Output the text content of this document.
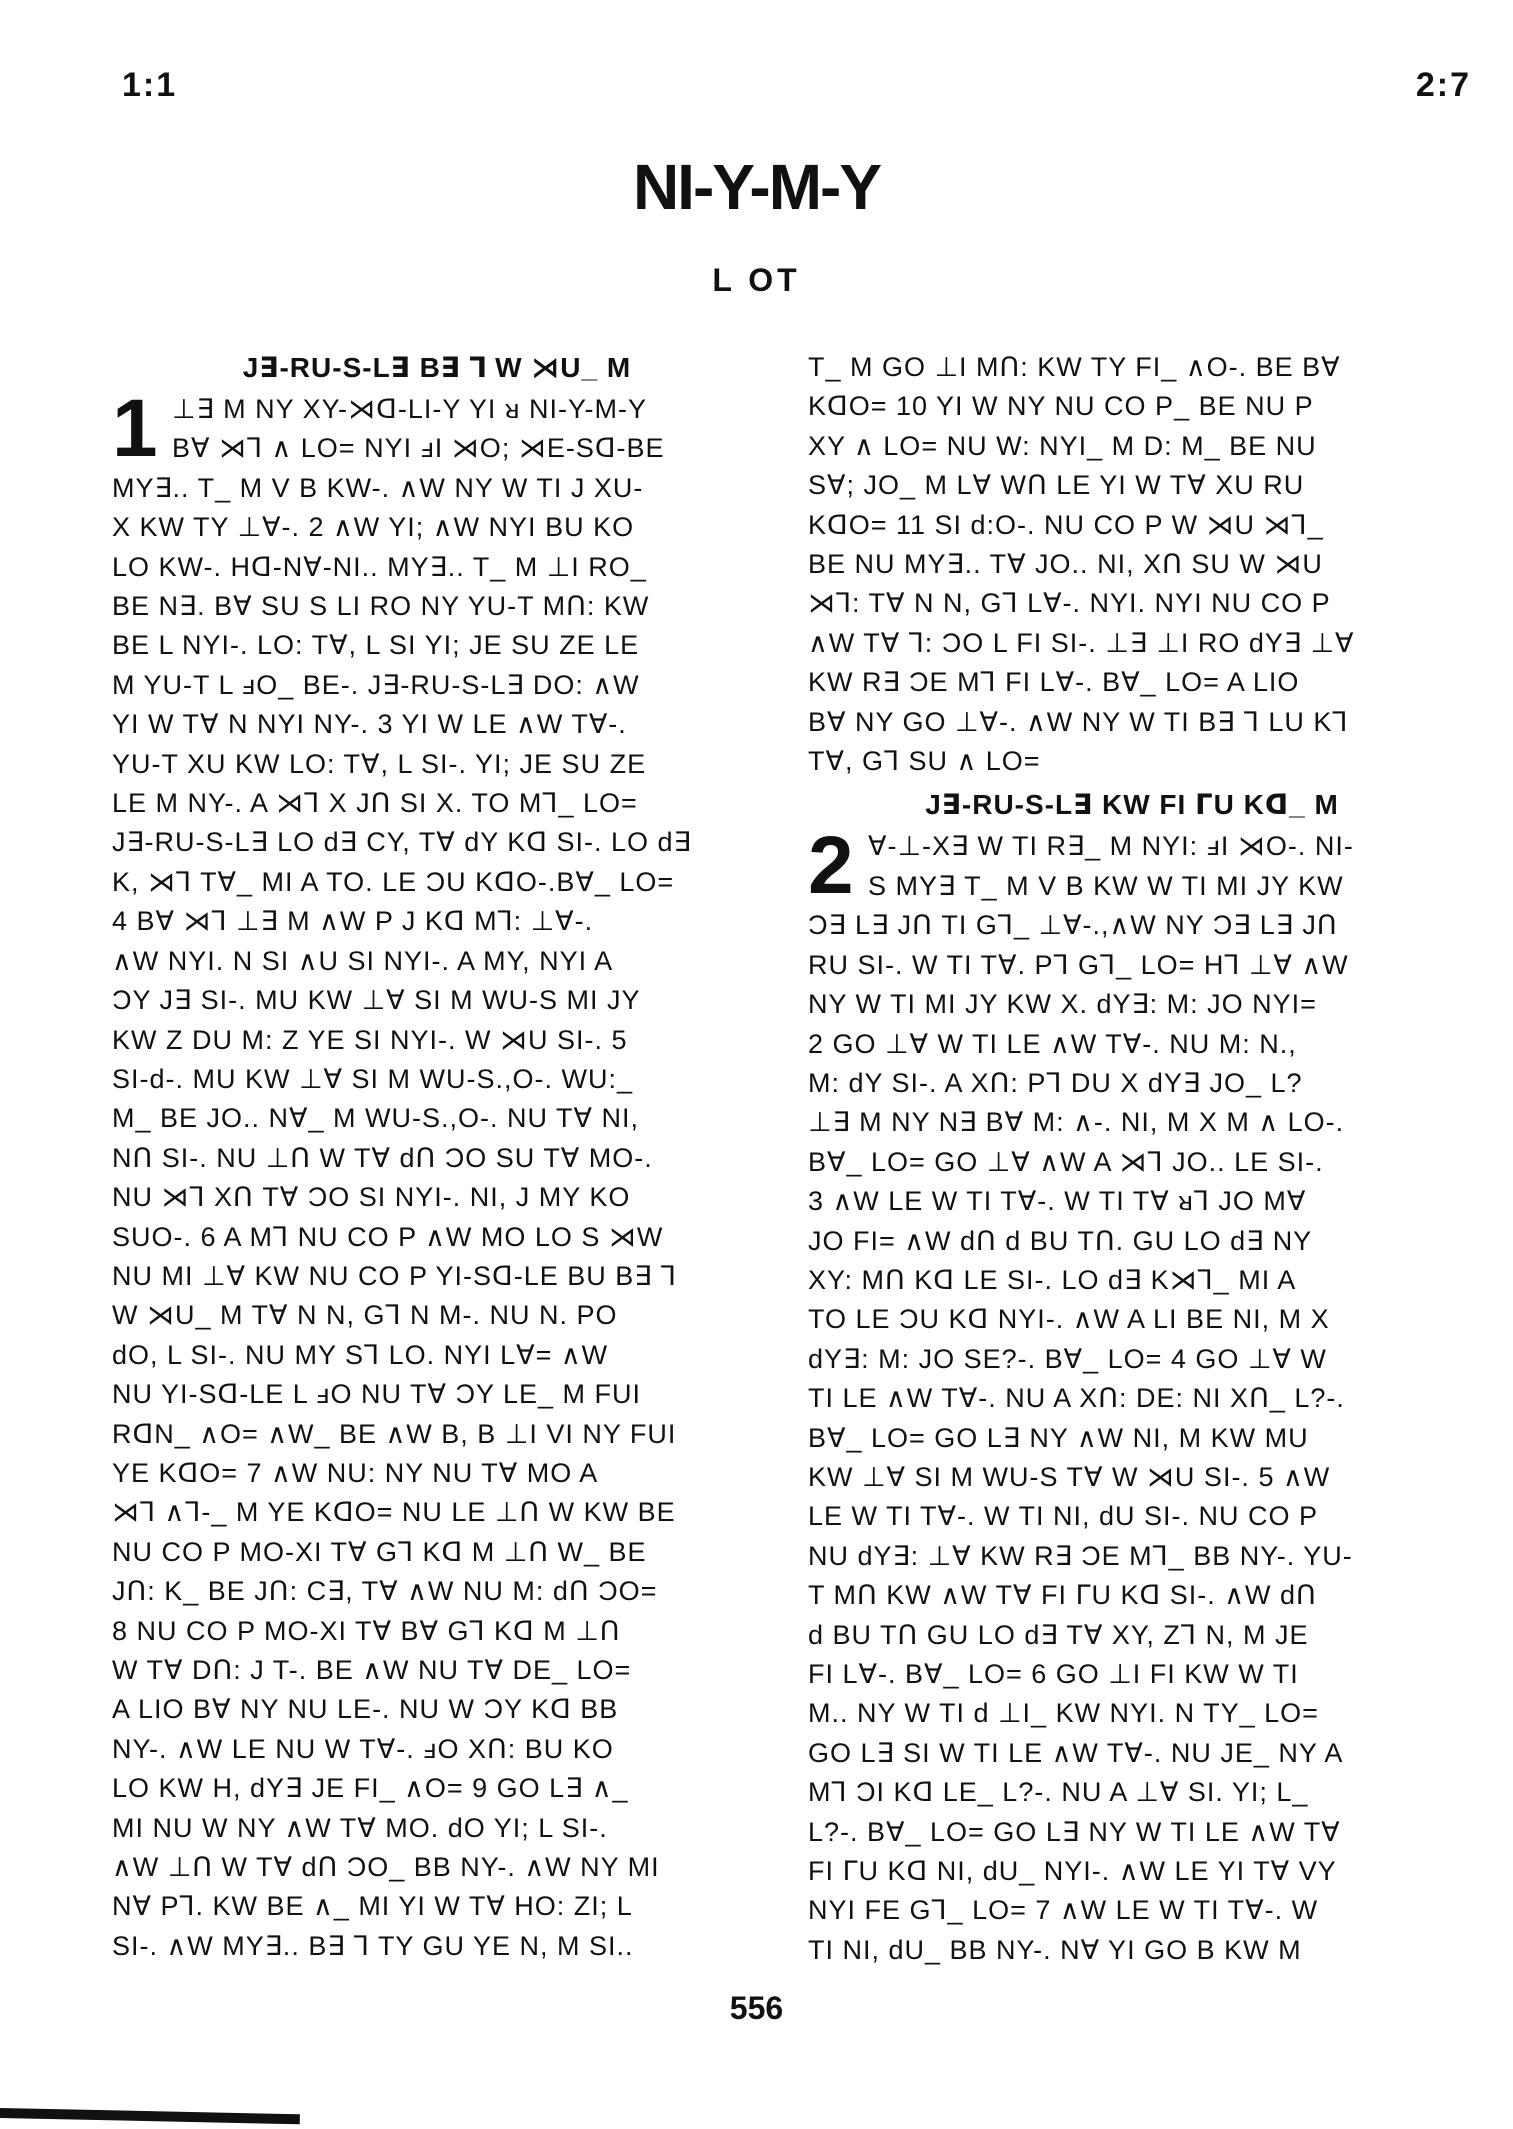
1:1	2:7
NI-Y-M-Y
L OT
J∃-RU-S-L∃ B∃ ⅂ W ⋊U_ M
1 ⊥∃ M NY XY-⋊ᗡ-LI-Y YI ᴚ NI-Y-M-Y
B∀ ⋊⅂ ∧ LO= NYI ⅎI ⋊O; ⋊E-Sᗡ-BE
MY∃.. T_ M V B KW-. ∧W NY W TI J XU-
X KW TY ⊥∀-. 2 ∧W YI; ∧W NYI BU KO
LO KW-. Hᗡ-N∀-NI.. MY∃.. T_ M ⊥I RO_
BE N∃. B∀ SU S LI RO NY YU-T Mᑎ: KW
BE L NYI-. LO: T∀, L SI YI; JE SU ZE LE
M YU-T L ⅎO_ BE-. J∃-RU-S-L∃ DO: ∧W
YI W T∀ N NYI NY-. 3 YI W LE ∧W T∀-.
YU-T XU KW LO: T∀, L SI-. YI; JE SU ZE
LE M NY-. A ⋊⅂ X Jᑎ SI X. TO M⅂_ LO=
J∃-RU-S-L∃ LO d∃ CY, T∀ dY Kᗡ SI-. LO d∃
K, ⋊⅂ T∀_ MI A TO. LE ϽU KᗡO-.B∀_ LO=
4 B∀ ⋊⅂ ⊥∃ M ∧W P J Kᗡ M⅂: ⊥∀-.
∧W NYI. N SI ∧U SI NYI-. A MY, NYI A
ϽY J∃ SI-. MU KW ⊥∀ SI M WU-S MI JY
KW Z DU M: Z YE SI NYI-. W ⋊U SI-. 5
SI-d-. MU KW ⊥∀ SI M WU-S.,O-. WU:_
M_ BE JO.. N∀_ M WU-S.,O-. NU T∀ NI,
Nᑎ SI-. NU ⊥ᑎ W T∀ dᑎ ϽO SU T∀ MO-.
NU ⋊⅂ Xᑎ T∀ ϽO SI NYI-. NI, J MY KO
SUO-. 6 A M⅂ NU CO P ∧W MO LO S ⋊W
NU MI ⊥∀ KW NU CO P YI-Sᗡ-LE BU B∃ ⅂
W ⋊U_ M T∀ N N, G⅂ N M-. NU N. PO
dO, L SI-. NU MY S⅂ LO. NYI L∀= ∧W
NU YI-Sᗡ-LE L ⅎO NU T∀ ϽY LE_ M FUI
RᗡN_ ∧O= ∧W_ BE ∧W B, B ⊥I VI NY FUI
YE KᗡO= 7 ∧W NU: NY NU T∀ MO A
⋊⅂ ∧⅂-_ M YE KᗡO= NU LE ⊥ᑎ W KW BE
NU CO P MO-XI T∀ G⅂ Kᗡ M ⊥ᑎ W_ BE
Jᑎ: K_ BE Jᑎ: C∃, T∀ ∧W NU M: dᑎ ϽO=
8 NU CO P MO-XI T∀ B∀ G⅂ Kᗡ M ⊥ᑎ
W T∀ Dᑎ: J T-. BE ∧W NU T∀ DE_ LO=
A LIO B∀ NY NU LE-. NU W ϽY Kᗡ BB
NY-. ∧W LE NU W T∀-. ⅎO Xᑎ: BU KO
LO KW H, dY∃ JE FI_ ∧O= 9 GO L∃ ∧_
MI NU W NY ∧W T∀ MO. dO YI; L SI-.
∧W ⊥ᑎ W T∀ dᑎ ϽO_ BB NY-. ∧W NY MI
N∀ P⅂. KW BE ∧_ MI YI W T∀ HO: ZI; L
SI-. ∧W MY∃.. B∃ ⅂ TY GU YE N, M SI..
T_ M GO ⊥I Mᑎ: KW TY FI_ ∧O-. BE B∀
KᗡO= 10 YI W NY NU CO P_ BE NU P
XY ∧ LO= NU W: NYI_ M D: M_ BE NU
S∀; JO_ M L∀ Wᑎ LE YI W T∀ XU RU
KᗡO= 11 SI d:O-. NU CO P W ⋊U ⋊⅂_
BE NU MY∃.. T∀ JO.. NI, Xᑎ SU W ⋊U
⋊⅂: T∀ N N, G⅂ L∀-. NYI. NYI NU CO P
∧W T∀ ⅂: ϽO L FI SI-. ⊥∃ ⊥I RO dY∃ ⊥∀
KW R∃ ϽE M⅂ FI L∀-. B∀_ LO= A LIO
B∀ NY GO ⊥∀-. ∧W NY W TI B∃ ⅂ LU K⅂
T∀, G⅂ SU ∧ LO=
J∃-RU-S-L∃ KW FI ᒥU Kᗡ_ M
2 ∀-⊥-X∃ W TI R∃_ M NYI: ⅎI ⋊O-. NI-
S MY∃ T_ M V B KW W TI MI JY KW
Ͻ∃ L∃ Jᑎ TI G⅂_ ⊥∀-.,∧W NY Ͻ∃ L∃ Jᑎ
RU SI-. W TI T∀. P⅂ G⅂_ LO= H⅂ ⊥∀ ∧W
NY W TI MI JY KW X. dY∃: M: JO NYI=
2 GO ⊥∀ W TI LE ∧W T∀-. NU M: N.,
M: dY SI-. A Xᑎ: P⅂ DU X dY∃ JO_ L?
⊥∃ M NY N∃ B∀ M: ∧-. NI, M X M ∧ LO-.
B∀_ LO= GO ⊥∀ ∧W A ⋊⅂ JO.. LE SI-.
3 ∧W LE W TI T∀-. W TI T∀ ᴚ⅂ JO M∀
JO FI= ∧W dᑎ d BU Tᑎ. GU LO d∃ NY
XY: Mᑎ Kᗡ LE SI-. LO d∃ K⋊⅂_ MI A
TO LE ϽU Kᗡ NYI-. ∧W A LI BE NI, M X
dY∃: M: JO SE?-. B∀_ LO= 4 GO ⊥∀ W
TI LE ∧W T∀-. NU A Xᑎ: DE: NI Xᑎ_ L?-.
B∀_ LO= GO L∃ NY ∧W NI, M KW MU
KW ⊥∀ SI M WU-S T∀ W ⋊U SI-. 5 ∧W
LE W TI T∀-. W TI NI, dU SI-. NU CO P
NU dY∃: ⊥∀ KW R∃ ϽE M⅂_ BB NY-. YU-
T Mᑎ KW ∧W T∀ FI ᒥU Kᗡ SI-. ∧W dᑎ
d BU Tᑎ GU LO d∃ T∀ XY, Z⅂ N, M JE
FI L∀-. B∀_ LO= 6 GO ⊥I FI KW W TI
M.. NY W TI d ⊥I_ KW NYI. N TY_ LO=
GO L∃ SI W TI LE ∧W T∀-. NU JE_ NY A
M⅂ ϽI Kᗡ LE_ L?-. NU A ⊥∀ SI. YI; L_
L?-. B∀_ LO= GO L∃ NY W TI LE ∧W T∀
FI ᒥU Kᗡ NI, dU_ NYI-. ∧W LE YI T∀ VY
NYI FE G⅂_ LO= 7 ∧W LE W TI T∀-. W
TI NI, dU_ BB NY-. N∀ YI GO B KW M
556
